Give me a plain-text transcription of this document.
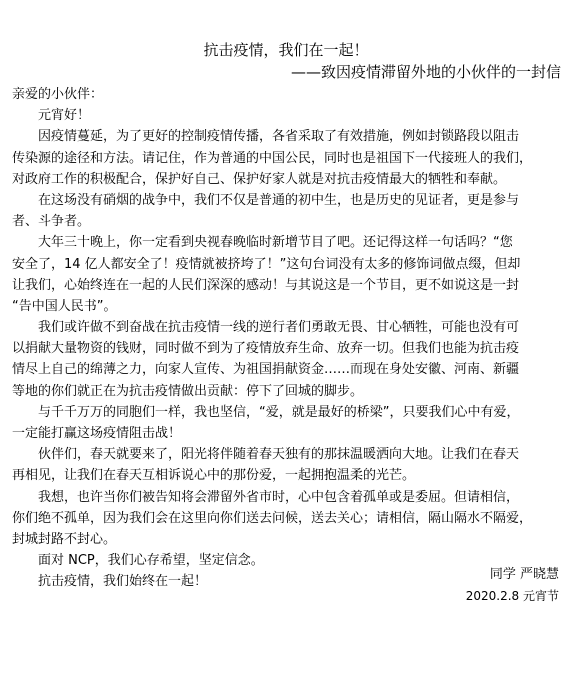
抗击疫情，我们在一起！
——致因疫情滞留外地的小伙伴的一封信
亲爱的小伙伴：
元宵好！
因疫情蔓延，为了更好的控制疫情传播，各省采取了有效措施，例如封锁路段以阻击
传染源的途径和方法。请记住，作为普通的中国公民，同时也是祖国下一代接班人的我们，
对政府工作的积极配合，保护好自己、保护好家人就是对抗击疫情最大的牺牲和奉献。
在这场没有硝烟的战争中，我们不仅是普通的初中生，也是历史的见证者，更是参与
者、斗争者。
大年三十晚上，你一定看到央视春晚临时新增节目了吧。还记得这样一句话吗？“您
安全了，14 亿人都安全了！疫情就被挤垮了！”这句台词没有太多的修饰词做点缀，但却
让我们，心始终连在一起的人民们深深的感动！与其说这是一个节目，更不如说这是一封
“告中国人民书”。
我们或许做不到奋战在抗击疫情一线的逆行者们勇敢无畏、甘心牺牲，可能也没有可
以捐献大量物资的钱财，同时做不到为了疫情放弃生命、放弃一切。但我们也能为抗击疫
情尽上自己的绵薄之力，向家人宣传、为祖国捐献资金……而现在身处安徽、河南、新疆
等地的你们就正在为抗击疫情做出贡献：停下了回城的脚步。
与千千万万的同胞们一样，我也坚信，“爱，就是最好的桥梁”，只要我们心中有爱，
一定能打赢这场疫情阻击战！
伙伴们，春天就要来了，阳光将伴随着春天独有的那抹温暖洒向大地。让我们在春天
再相见，让我们在春天互相诉说心中的那份爱，一起拥抱温柔的光芒。
我想，也许当你们被告知将会滞留外省市时，心中包含着孤单或是委屈。但请相信，
你们绝不孤单，因为我们会在这里向你们送去问候，送去关心；请相信，隔山隔水不隔爱，
封城封路不封心。
面对 NCP，我们心存希望，坚定信念。
抗击疫情，我们始终在一起！	同学 严晓慧
2020.2.8 元宵节
